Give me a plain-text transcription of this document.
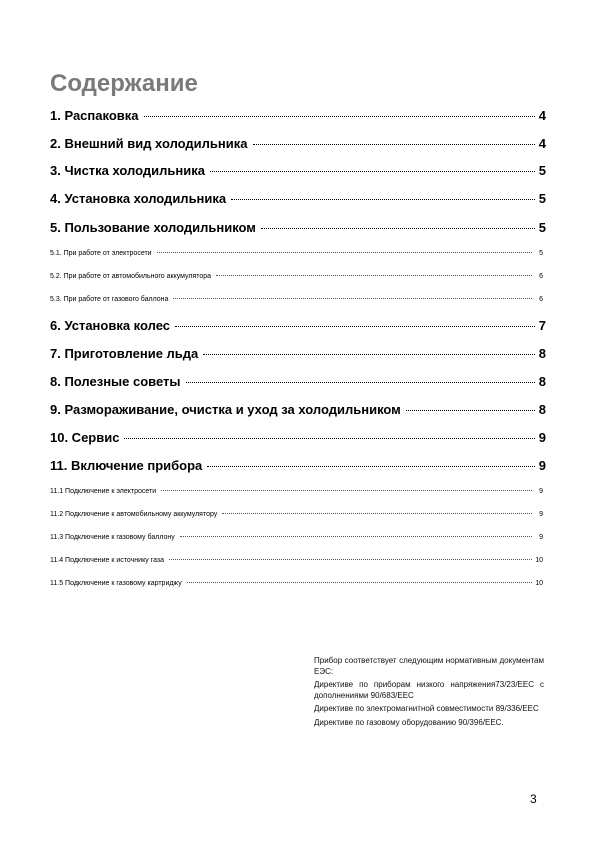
Содержание
1. Распаковка	4
2. Внешний вид холодильника	4
3. Чистка холодильника	5
4. Установка холодильника	5
5. Пользование холодильником	5
5.1. При работе от электросети	5
5.2. При работе от автомобильного аккумулятора	6
5.3. При работе от газового баллона	6
6. Установка колес	7
7. Приготовление льда	8
8. Полезные советы	8
9. Размораживание, очистка и уход за холодильником	8
10. Сервис	9
11. Включение прибора	9
11.1 Подключение к электросети	9
11.2 Подключение к автомобильному аккумулятору	9
11.3 Подключение к газовому баллону	9
11.4 Подключение к источнику газа	10
11.5 Подключение к газовому картриджу	10

Прибор соответствует следующим нормативным документам ЕЭС:

Директиве по приборам низкого напряжения73/23/ЕЕС с дополнениями 90/683/ЕЕС

Директиве по электромагнитной совместимости 89/336/ЕЕС

Директиве по газовому оборудованию 90/396/ЕЕС.

3
